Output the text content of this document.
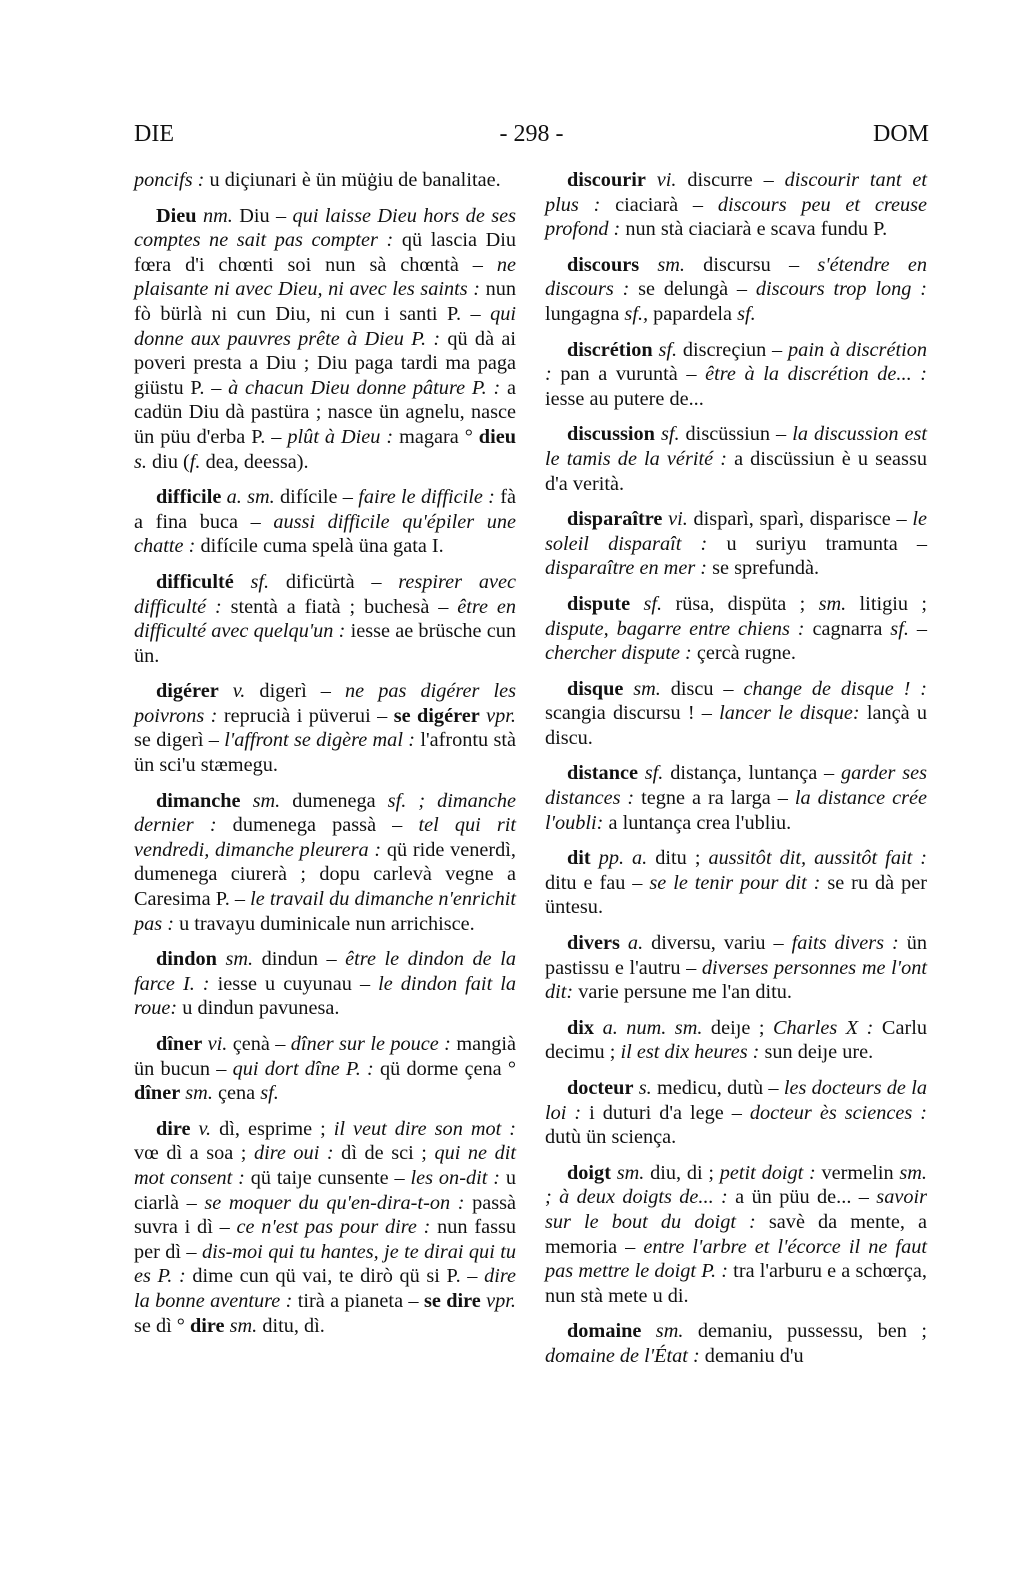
DIE	- 298 -	DOM

poncifs : u diçiunari è ün müġiu de banalitae.

Dieu nm. Diu – qui laisse Dieu hors de ses comptes ne sait pas compter : qü lascia Diu fœra d'i chœnti soi nun sà chœntà – ne plaisante ni avec Dieu, ni avec les saints : nun fò bürlà ni cun Diu, ni cun i santi P. – qui donne aux pauvres prête à Dieu P. : qü dà ai poveri presta a Diu ; Diu paga tardi ma paga giüstu P. – à chacun Dieu donne pâture P. : a cadün Diu dà pastüra ; nasce ün agnelu, nasce ün püu d'erba P. – plût à Dieu : magara ° dieu s. diu (f. dea, deessa).

difficile a. sm. difícile – faire le difficile : fà a fina buca – aussi difficile qu'épiler une chatte : difícile cuma spelà üna gata I.

difficulté sf. dificürtà – respirer avec difficulté : stentà a fiatà ; buchesà – être en difficulté avec quelqu'un : iesse ae brüsche cun ün.

digérer v. digerì – ne pas digérer les poivrons : reprucià i püverui – se digérer vpr. se digerì – l'affront se digère mal : l'afrontu stà ün sci'u stæmegu.

dimanche sm. dumenega sf. ; dimanche dernier : dumenega passà – tel qui rit vendredi, dimanche pleurera : qü ride venerdì, dumenega ciurerà ; dopu carlevà vegne a Caresima P. – le travail du dimanche n'enrichit pas : u travayu duminicale nun arrichisce.

dindon sm. dindun – être le dindon de la farce I. : iesse u cuyunau – le dindon fait la roue: u dindun pavunesa.

dîner vi. çenà – dîner sur le pouce : mangià ün bucun – qui dort dîne P. : qü dorme çena ° dîner sm. çena sf.

dire v. dì, esprime ; il veut dire son mot : vœ dì a soa ; dire oui : dì de sci ; qui ne dit mot consent : qü taiȷe cunsente – les on-dit : u ciarlà – se moquer du qu'en-dira-t-on : passà suvra i dì – ce n'est pas pour dire : nun fassu per dì – dis-moi qui tu hantes, je te dirai qui tu es P. : dime cun qü vai, te dirò qü si P. – dire la bonne aventure : tirà a pianeta – se dire vpr. se dì ° dire sm. ditu, dì.

discourir vi. discurre – discourir tant et plus : ciaciarà – discours peu et creuse profond : nun stà ciaciarà e scava fundu P.

discours sm. discursu – s'étendre en discours : se delungà – discours trop long : lungagna sf., papardela sf.

discrétion sf. discreçiun – pain à discrétion : pan a vuruntà – être à la discrétion de... : iesse au putere de...

discussion sf. discüssiun – la discussion est le tamis de la vérité : a discüssiun è u seassu d'a verità.

disparaître vi. disparì, sparì, disparisce – le soleil disparaît : u suriyu tramunta – disparaître en mer : se sprefundà.

dispute sf. rüsa, dispüta ; sm. litigiu ; dispute, bagarre entre chiens : cagnarra sf. – chercher dispute : çercà rugne.

disque sm. discu – change de disque ! : scangia discursu ! – lancer le disque: lançà u discu.

distance sf. distança, luntança – garder ses distances : tegne a ra larga – la distance crée l'oubli: a luntança crea l'ubliu.

dit pp. a. ditu ; aussitôt dit, aussitôt fait : ditu e fau – se le tenir pour dit : se ru dà per üntesu.

divers a. diversu, variu – faits divers : ün pastissu e l'autru – diverses personnes me l'ont dit: varie persune me l'an ditu.

dix a. num. sm. deiȷe ; Charles X : Carlu decimu ; il est dix heures : sun deiȷe ure.

docteur s. medicu, dutù – les docteurs de la loi : i duturi d'a lege – docteur ès sciences : dutù ün sciença.

doigt sm. diu, di ; petit doigt : vermelin sm. ; à deux doigts de... : a ün püu de... – savoir sur le bout du doigt : savè da mente, a memoria – entre l'arbre et l'écorce il ne faut pas mettre le doigt P. : tra l'arburu e a schœrça, nun stà mete u di.

domaine sm. demaniu, pussessu, ben ; domaine de l'État : demaniu d'u
